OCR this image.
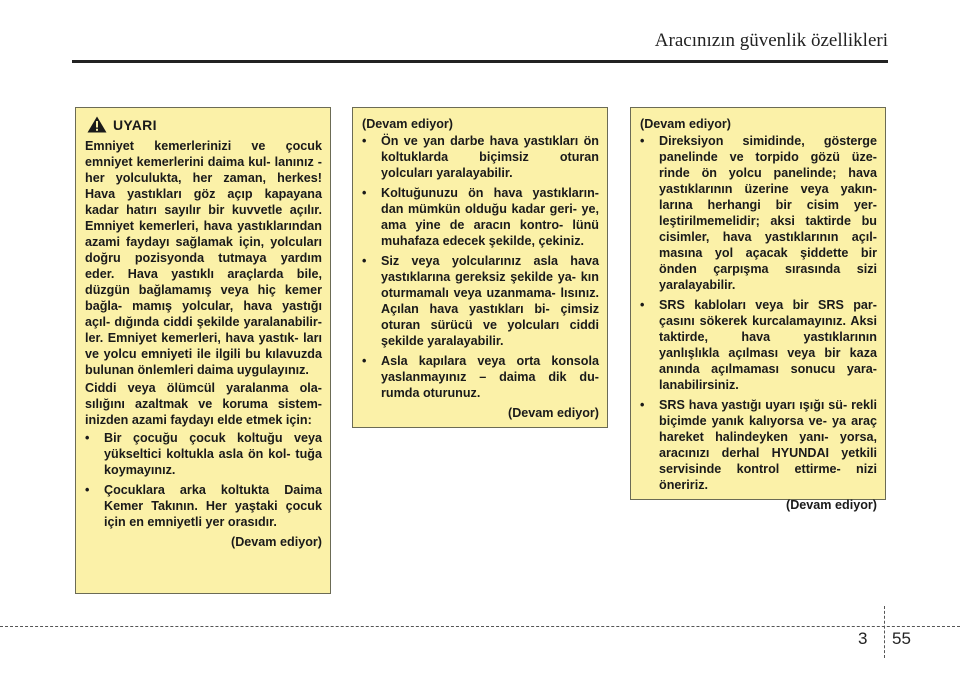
Aracınızın güvenlik özellikleri
UYARI
Emniyet kemerlerinizi ve çocuk emniyet kemerlerini daima kul- lanınız - her yolculukta, her zaman, herkes! Hava yastıkları göz açıp kapayana kadar hatırı sayılır bir kuvvetle açılır. Emniyet kemerleri, hava yastıklarından azami faydayı sağlamak için, yolcuları doğru pozisyonda tutmaya yardım eder. Hava yastıklı araçlarda bile, düzgün bağlamamış veya hiç kemer bağla- mamış yolcular, hava yastığı açıl- dığında ciddi şekilde yaralanabilir- ler. Emniyet kemerleri, hava yastık- ları ve yolcu emniyeti ile ilgili bu kılavuzda bulunan önlemleri daima uygulayınız.
Ciddi veya ölümcül yaralanma ola- sılığını azaltmak ve koruma sistem- inizden azami faydayı elde etmek için:
•	Bir çocuğu çocuk koltuğu veya yükseltici koltukla asla ön kol- tuğa koymayınız.
•	Çocuklara arka koltukta Daima Kemer Takının. Her yaştaki çocuk için en emniyetli yer orasıdır.
(Devam ediyor)
(Devam ediyor)
•	Ön ve yan darbe hava yastıkları ön koltuklarda biçimsiz oturan yolcuları yaralayabilir.
•	Koltuğunuzu ön hava yastıkların- dan mümkün olduğu kadar geri- ye, ama yine de aracın kontro- lünü muhafaza edecek şekilde, çekiniz.
•	Siz veya yolcularınız asla hava yastıklarına gereksiz şekilde ya- kın oturmamalı veya uzanmama- lısınız. Açılan hava yastıkları bi- çimsiz oturan sürücü ve yolcuları ciddi şekilde yaralayabilir.
•	Asla kapılara veya orta konsola yaslanmayınız – daima dik du- rumda oturunuz.
(Devam ediyor)
(Devam ediyor)
•	Direksiyon simidinde, gösterge panelinde ve torpido gözü üze- rinde ön yolcu panelinde; hava yastıklarının üzerine veya yakın- larına herhangi bir cisim yer- leştirilmemelidir; aksi taktirde bu cisimler, hava yastıklarının açıl- masına yol açacak şiddette bir önden çarpışma sırasında sizi yaralayabilir.
•	SRS kabloları veya bir SRS par- çasını sökerek kurcalamayınız. Aksi taktirde, hava yastıklarının yanlışlıkla açılması veya bir kaza anında açılmaması sonucu yara- lanabilirsiniz.
•	SRS hava yastığı uyarı ışığı sü- rekli biçimde yanık kalıyorsa ve- ya araç hareket halindeyken yanı- yorsa, aracınızı derhal HYUNDAI yetkili servisinde kontrol ettirme- nizi öneririz.
(Devam ediyor)
3 55
